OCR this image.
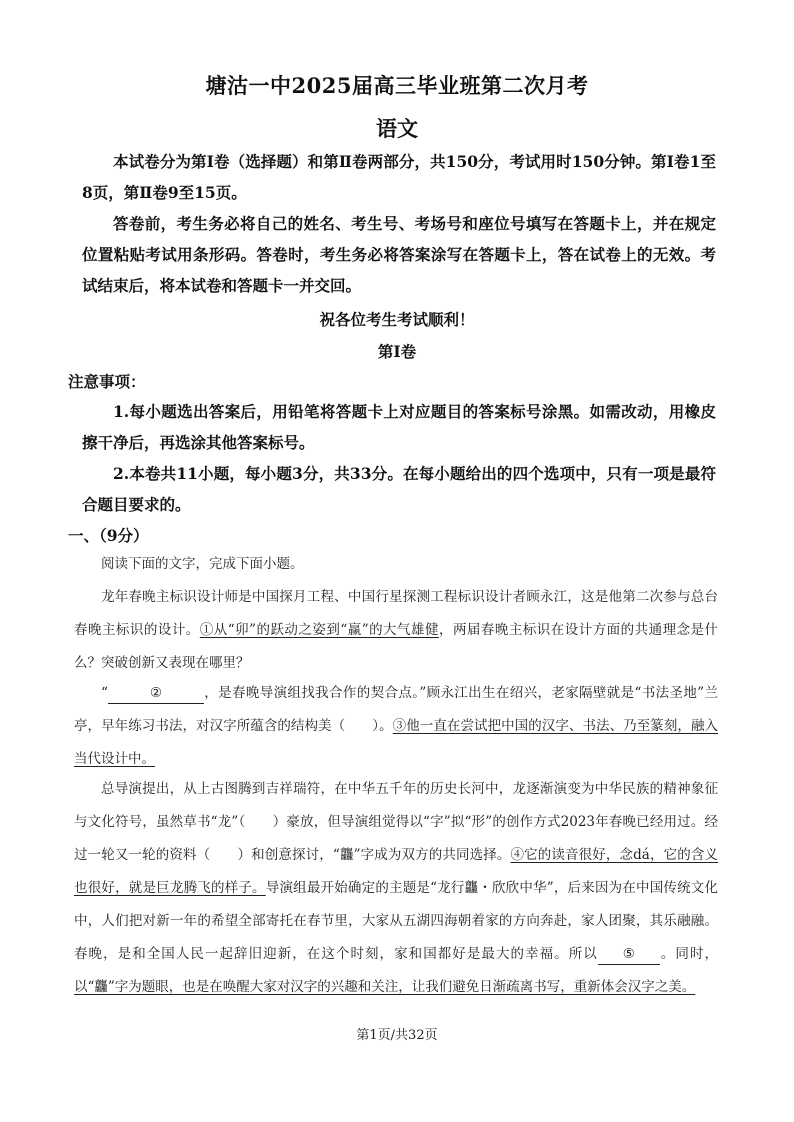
塘沽一中2025届高三毕业班第二次月考
语文
本试卷分为第Ⅰ卷（选择题）和第Ⅱ卷两部分，共150分，考试用时150分钟。第Ⅰ卷1至8页，第Ⅱ卷9至15页。
答卷前，考生务必将自己的姓名、考生号、考场号和座位号填写在答题卡上，并在规定位置粘贴考试用条形码。答卷时，考生务必将答案涂写在答题卡上，答在试卷上的无效。考试结束后，将本试卷和答题卡一并交回。
祝各位考生考试顺利！
第Ⅰ卷
注意事项：
1.每小题选出答案后，用铅笔将答题卡上对应题目的答案标号涂黑。如需改动，用橡皮擦干净后，再选涂其他答案标号。
2.本卷共11小题，每小题3分，共33分。在每小题给出的四个选项中，只有一项是最符合题目要求的。
一、（9分）
阅读下面的文字，完成下面小题。
龙年春晚主标识设计师是中国探月工程、中国行星探测工程标识设计者顾永江，这是他第二次参与总台春晚主标识的设计。①从“卯”的跃动之姿到“赢”的大气雄健，两届春晚主标识在设计方面的共通理念是什么？突破创新又表现在哪里？
“	②	，是春晚导演组找我合作的契合点。”顾永江出生在绍兴，老家隔壁就是“书法圣地”兰亭，早年练习书法，对汉字所蕴含的结构美（　　）。③他一直在尝试把中国的汉字、书法、乃至篆刻，融入当代设计中。
总导演提出，从上古图腾到吉祥瑞符，在中华五千年的历史长河中，龙逐渐演变为中华民族的精神象征与文化符号，虽然草书“龙”（　　）豪放，但导演组觉得以“字”拟“形”的创作方式2023年春晚已经用过。经过一轮又一轮的资料（　　）和创意探讨，“龘”字成为双方的共同选择。④它的读音很好，念dá，它的含义也很好，就是巨龙腾飞的样子。导演组最开始确定的主题是“龙行龘・欣欣中华”，后来因为在中国传统文化中，人们把对新一年的希望全部寄托在春节里，大家从五湖四海朝着家的方向奔赴，家人团聚，其乐融融。春晚，是和全国人民一起辞旧迎新，在这个时刻，家和国都好是最大的幸福。所以 ⑤ 。同时，以“龘”字为题眼，也是在唤醒大家对汉字的兴趣和关注，让我们避免日渐疏离书写，重新体会汉字之美。
第1页/共32页
